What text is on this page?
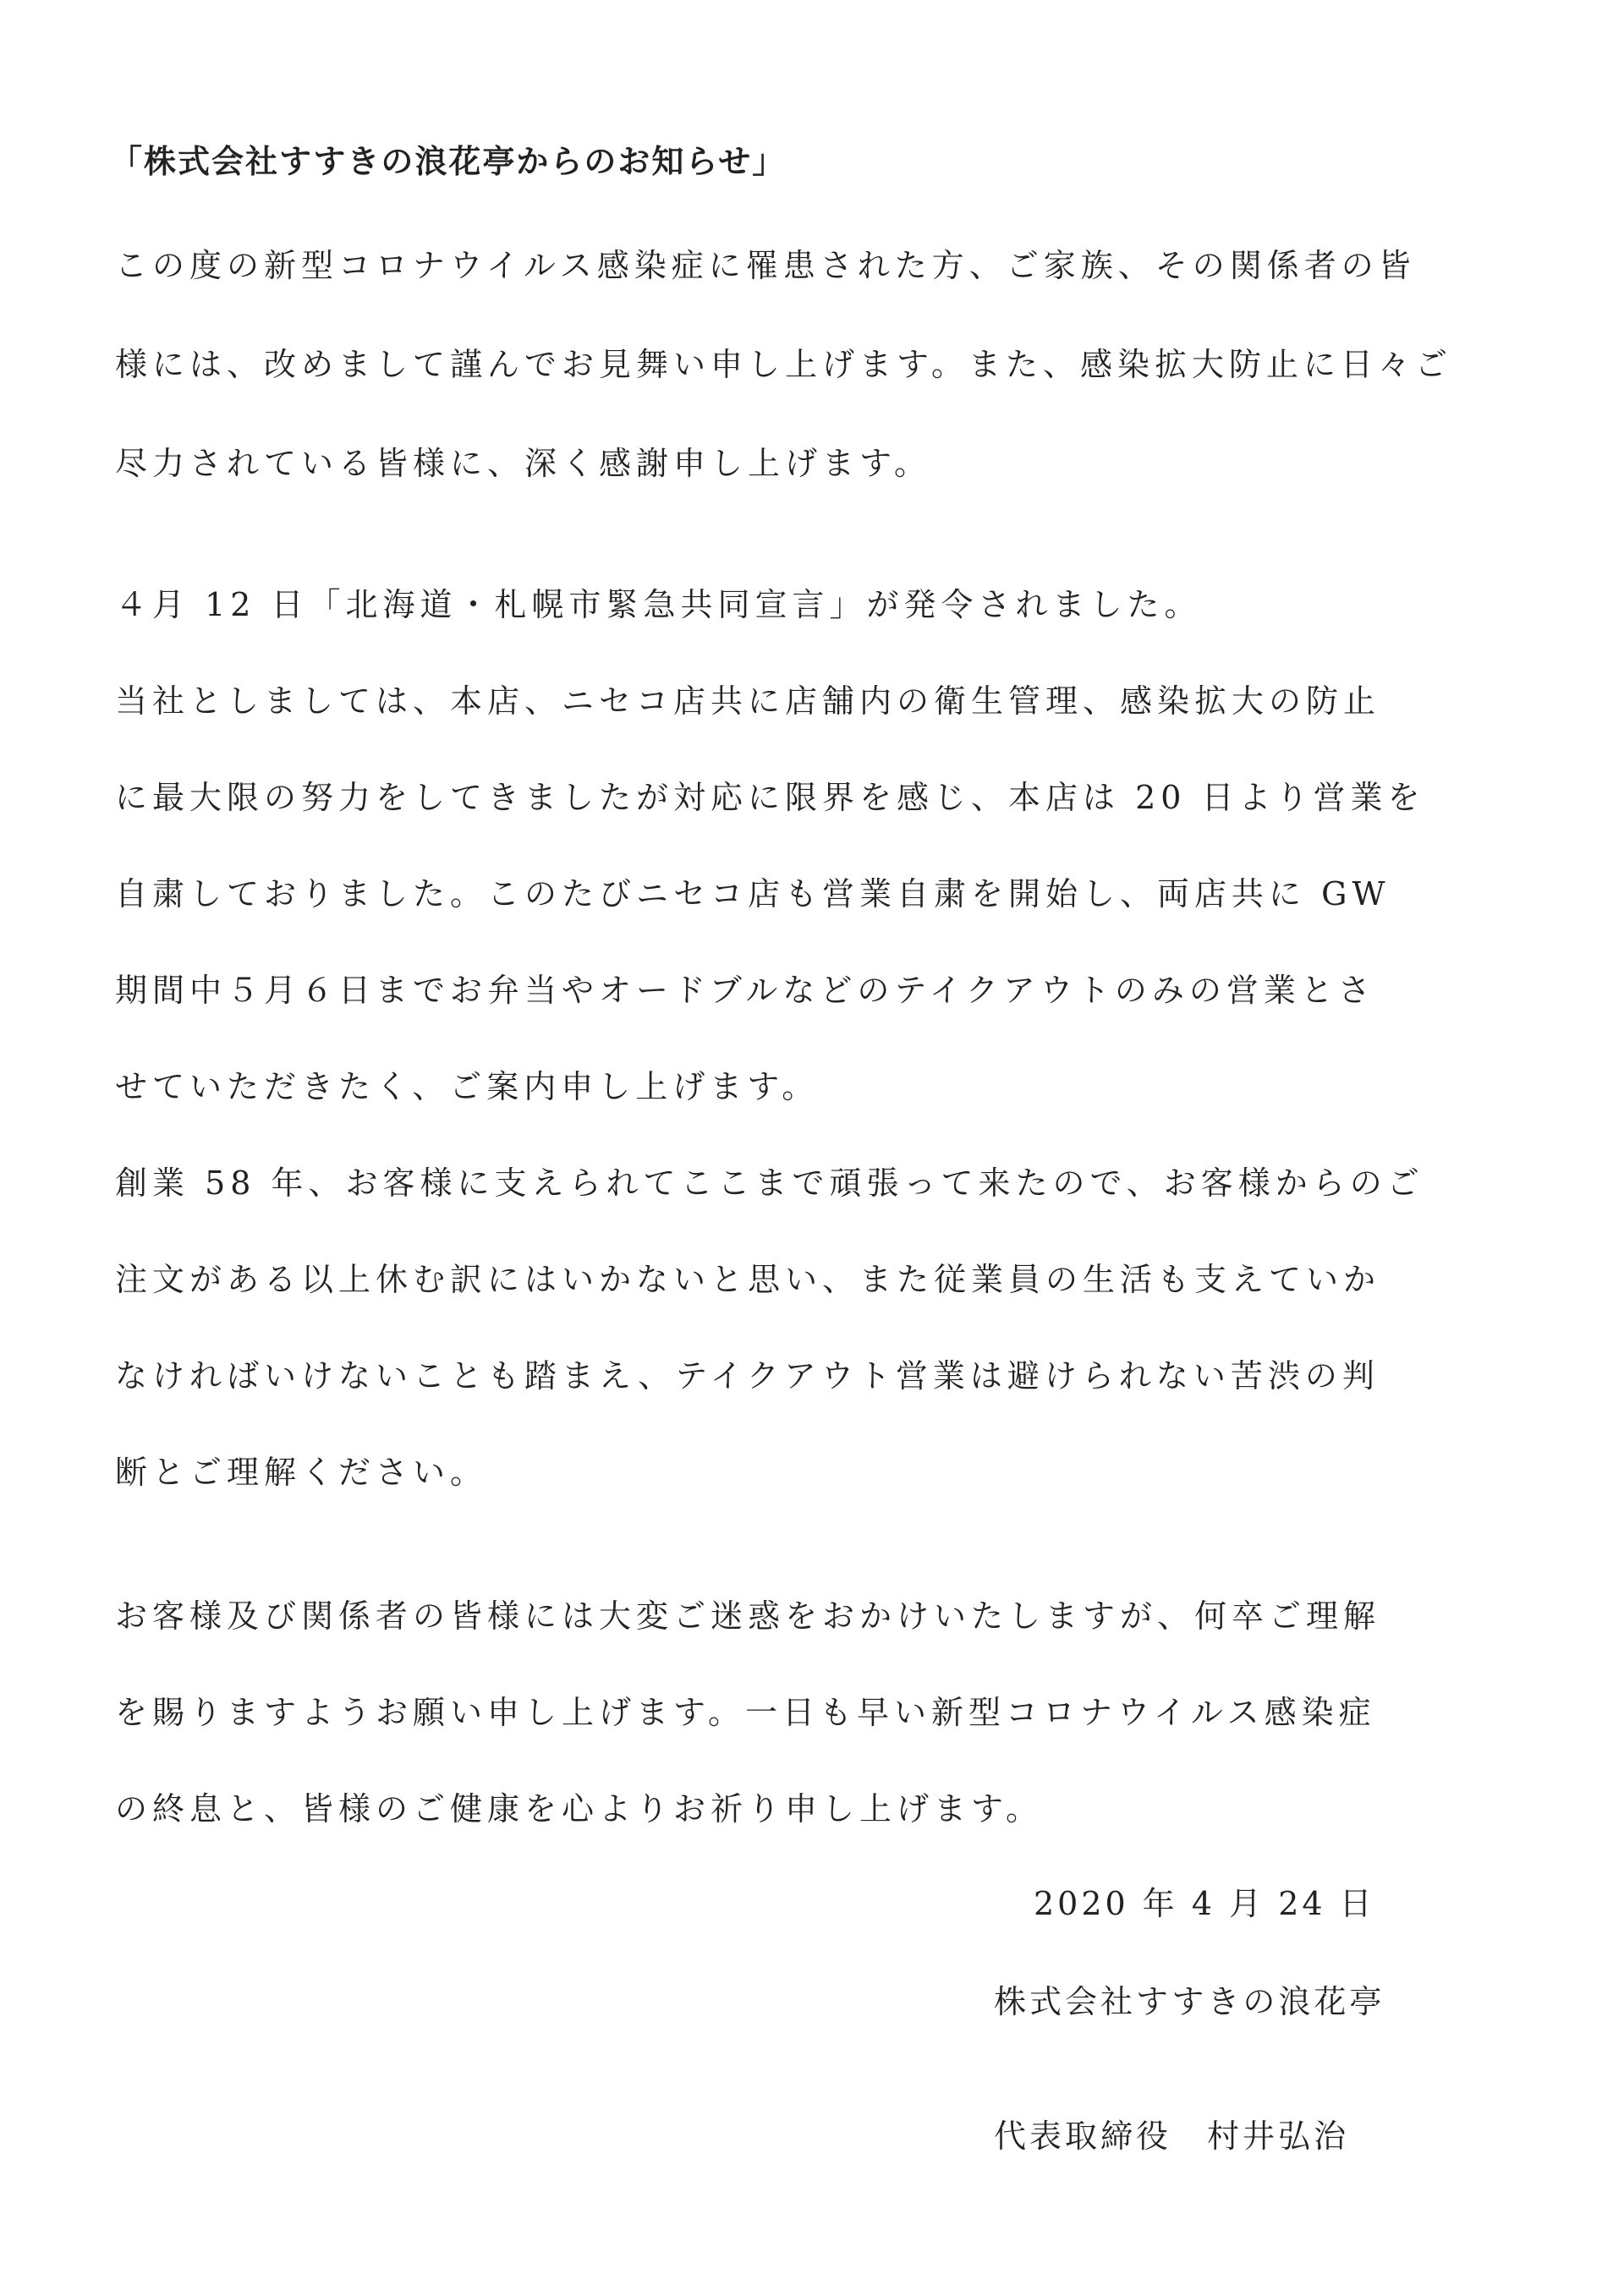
「株式会社すすきの浪花亭からのお知らせ」
この度の新型コロナウイルス感染症に罹患された方、ご家族、その関係者の皆
様には、改めまして謹んでお見舞い申し上げます。また、感染拡大防止に日々ご
尽力されている皆様に、深く感謝申し上げます。
４月 12 日「北海道・札幌市緊急共同宣言」が発令されました。
当社としましては、本店、ニセコ店共に店舗内の衛生管理、感染拡大の防止
に最大限の努力をしてきましたが対応に限界を感じ、本店は 20 日より営業を
自粛しておりました。このたびニセコ店も営業自粛を開始し、両店共に GW
期間中５月６日までお弁当やオードブルなどのテイクアウトのみの営業とさ
せていただきたく、ご案内申し上げます。
創業 58 年、お客様に支えられてここまで頑張って来たので、お客様からのご
注文がある以上休む訳にはいかないと思い、また従業員の生活も支えていか
なければいけないことも踏まえ、テイクアウト営業は避けられない苦渋の判
断とご理解ください。
お客様及び関係者の皆様には大変ご迷惑をおかけいたしますが、何卒ご理解
を賜りますようお願い申し上げます。一日も早い新型コロナウイルス感染症
の終息と、皆様のご健康を心よりお祈り申し上げます。
2020 年 4 月 24 日
株式会社すすきの浪花亭
代表取締役　村井弘治
